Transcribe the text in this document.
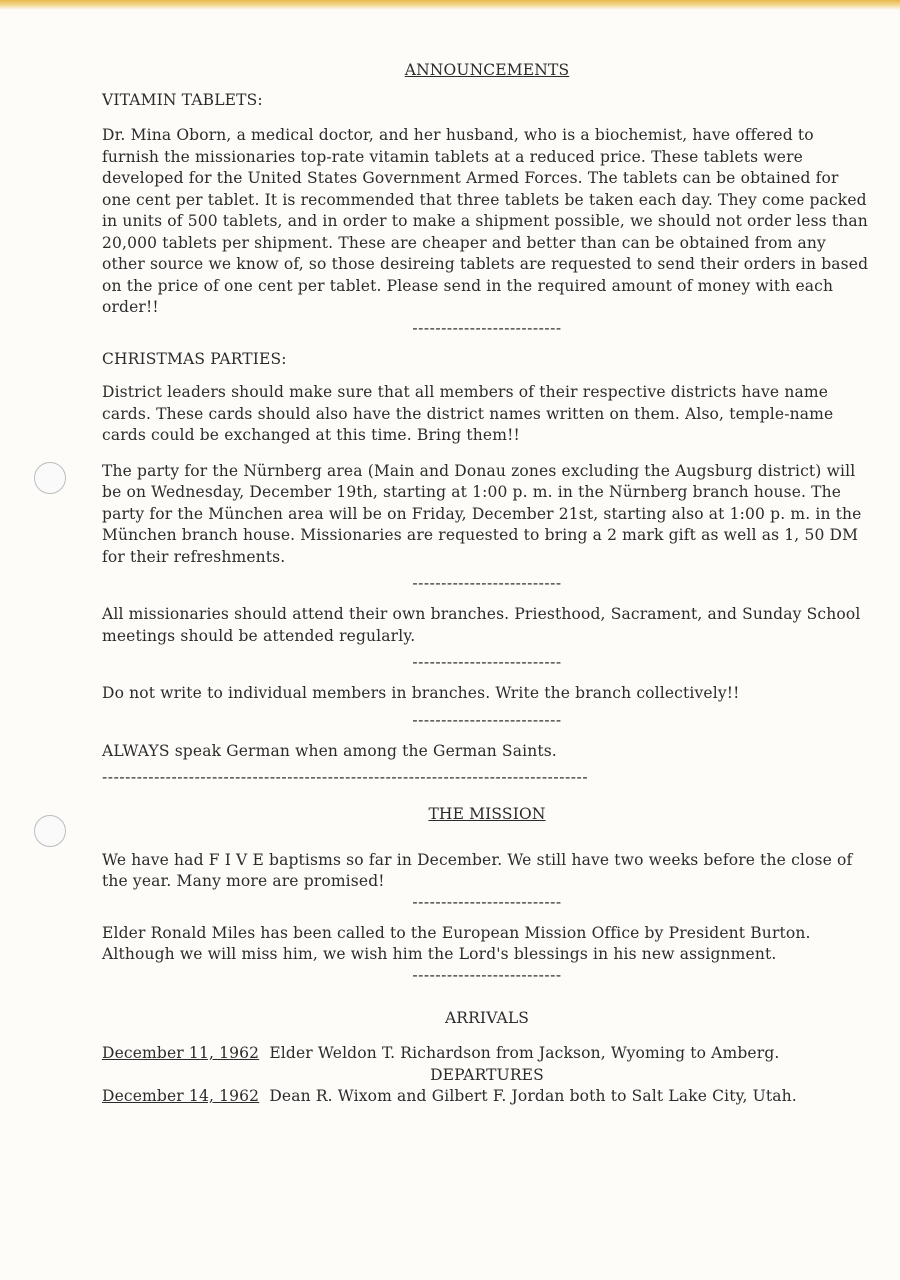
ANNOUNCEMENTS

VITAMIN TABLETS:

Dr. Mina Oborn, a medical doctor, and her husband, who is a biochemist, have offered to furnish the missionaries top-rate vitamin tablets at a reduced price. These tablets were developed for the United States Government Armed Forces. The tablets can be obtained for one cent per tablet. It is recommended that three tablets be taken each day. They come packed in units of 500 tablets, and in order to make a shipment possible, we should not order less than 20,000 tablets per shipment. These are cheaper and better than can be obtained from any other source we know of, so those desireing tablets are requested to send their orders in based on the price of one cent per tablet. Please send in the required amount of money with each order!!

--------------------------

CHRISTMAS PARTIES:

District leaders should make sure that all members of their respective districts have name cards. These cards should also have the district names written on them. Also, temple-name cards could be exchanged at this time. Bring them!!

The party for the Nürnberg area (Main and Donau zones excluding the Augsburg district) will be on Wednesday, December 19th, starting at 1:00 p. m. in the Nürnberg branch house. The party for the München area will be on Friday, December 21st, starting also at 1:00 p. m. in the München branch house. Missionaries are requested to bring a 2 mark gift as well as 1, 50 DM for their refreshments.

--------------------------

All missionaries should attend their own branches. Priesthood, Sacrament, and Sunday School meetings should be attended regularly.

--------------------------

Do not write to individual members in branches. Write the branch collectively!!

--------------------------

ALWAYS speak German when among the German Saints.

------------------------------------------------------------------------------------
THE MISSION

We have had F I V E baptisms so far in December. We still have two weeks before the close of the year. Many more are promised!

--------------------------

Elder Ronald Miles has been called to the European Mission Office by President Burton. Although we will miss him, we wish him the Lord's blessings in his new assignment.

--------------------------
ARRIVALS

December 11, 1962 Elder Weldon T. Richardson from Jackson, Wyoming to Amberg.

DEPARTURES

December 14, 1962 Dean R. Wixom and Gilbert F. Jordan both to Salt Lake City, Utah.
